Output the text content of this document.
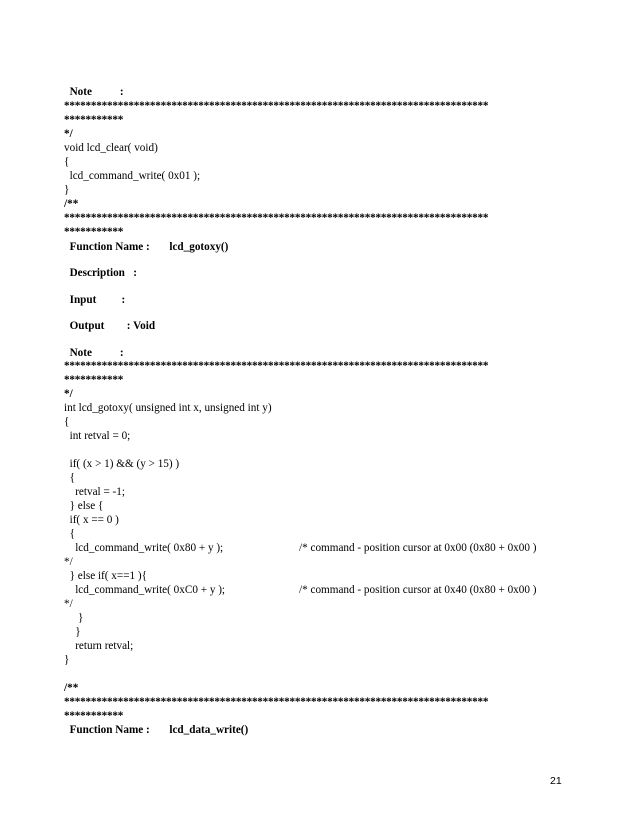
Note          :
*******************************************************************************
***********
*/
void lcd_clear( void)
{
lcd_command_write( 0x01 );
}
/**
*******************************************************************************
***********
Function Name :       lcd_gotoxy()
Description   :
Input         :
Output        : Void
Note          :
*******************************************************************************
***********
*/
int lcd_gotoxy( unsigned int x, unsigned int y)
{
int retval = 0;
if( (x > 1) && (y > 15) )
{
retval = -1;
} else {
if( x == 0 )
{
lcd_command_write( 0x80 + y );	/* command - position cursor at 0x00 (0x80 + 0x00 )
*/
} else if( x==1 ){
lcd_command_write( 0xC0 + y );	/* command - position cursor at 0x40 (0x80 + 0x00 )
*/
}
}
return retval;
}
/**
*******************************************************************************
***********
Function Name :       lcd_data_write()
21
